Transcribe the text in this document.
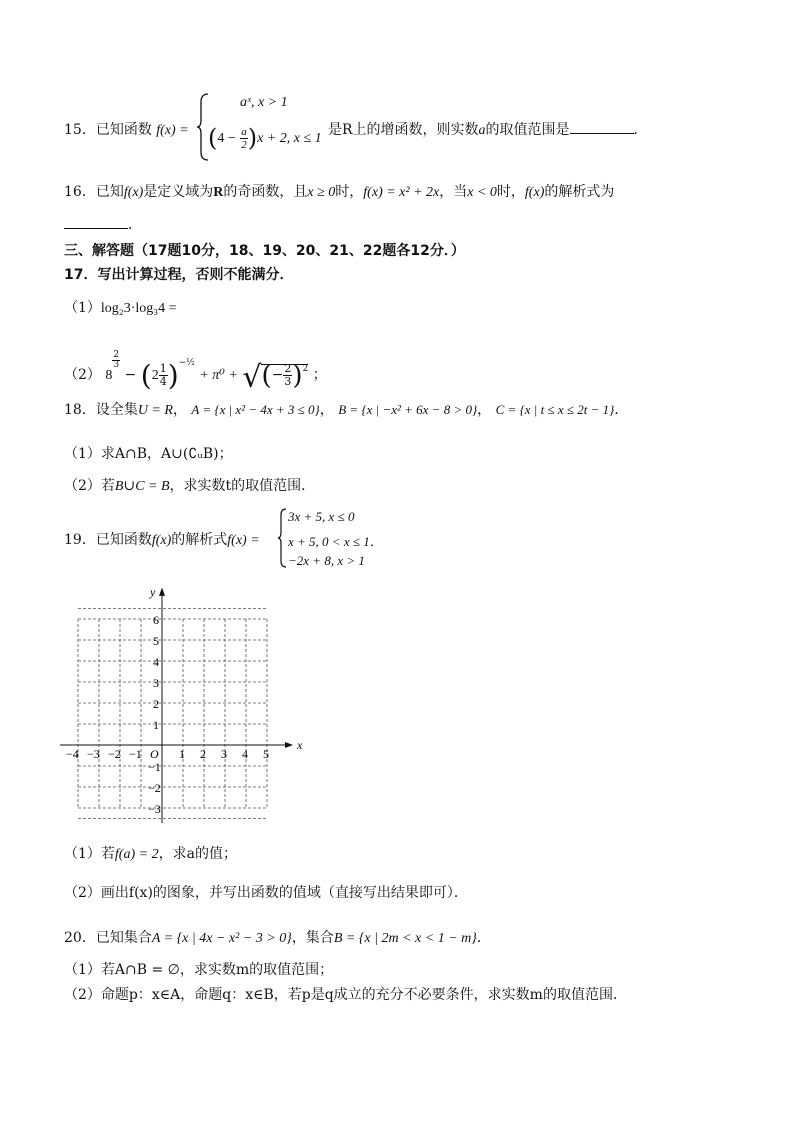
15．已知函数 f(x) =
aˣ, x > 1
$(4 - \frac{a}{2} )x + 2$, x ≤ 1
是R上的增函数，则实数a的取值范围是	．
16．已知f(x)是定义域为R的奇函数，且x ≥ 0时，f(x) = x² + 2x，当x < 0时，f(x)的解析式为
．
三、解答题（17题10分，18、19、20、21、22题各12分．）
17．写出计算过程，否则不能满分．
（1）log₂3·log₃4 =
（2） 8
$\frac{2}{3}$
− $(2 \frac{1}{4} )^{-\frac{1}{2}} + \pi^0$ + √(− $\frac{2}{3} )^2$ ；
18．设全集U = R， A = {x | x² − 4x + 3 ≤ 0}， B = {x | −x² + 6x − 8 > 0}， C = {x | t ≤ x ≤ 2t − 1}．
（1）求A∩B，A∪(∁ᵤB)；
（2）若B∪C = B，求实数t的取值范围．
19．已知函数f(x)的解析式f(x) =
3x + 5, x ≤ 0
x + 5, 0 < x ≤ 1．
−2x + 8, x > 1
x
y
O
−4 −3 −2 −1	1 2 3 4 5
6
5
4
3
2
1
−1
−2
−3
（1）若f(a) = 2，求a的值；
（2）画出f(x)的图象，并写出函数的值域（直接写出结果即可）．
20．已知集合A = {x | 4x − x² − 3 > 0}，集合B = {x | 2m < x < 1 − m}．
（1）若A∩B = ∅，求实数m的取值范围；
（2）命题p：x∈A，命题q：x∈B，若p是q成立的充分不必要条件，求实数m的取值范围．
